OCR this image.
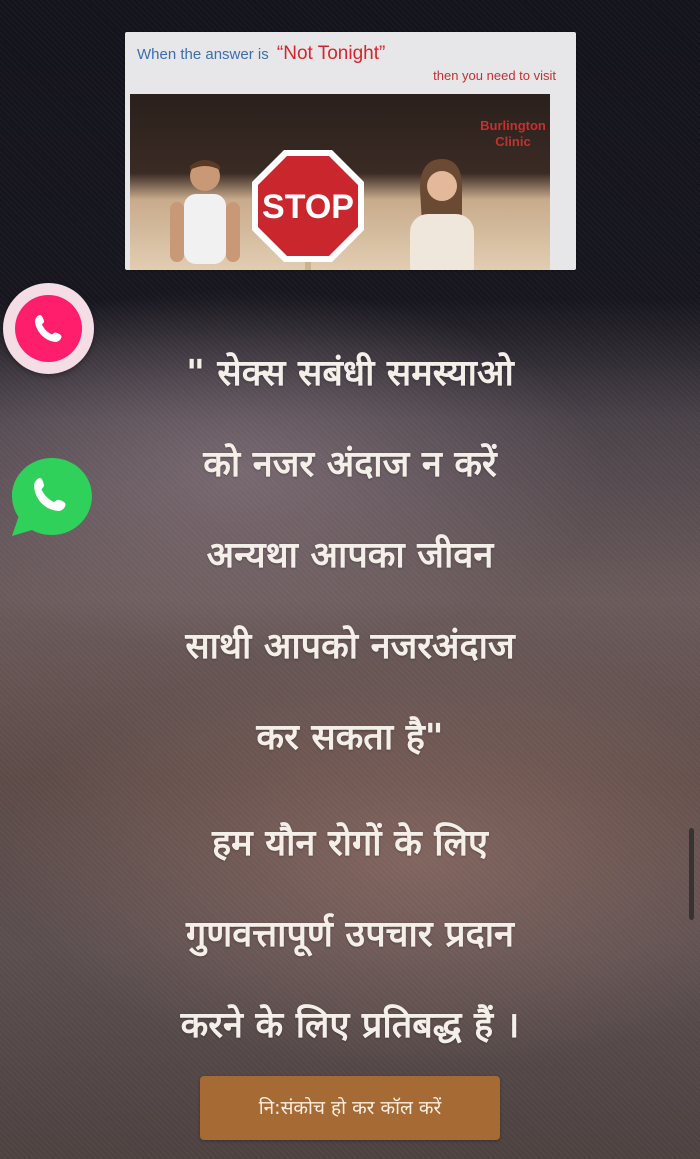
When the answer is “Not Tonight”
then you need to visit
STOP
Burlington
Clinic
" सेक्स सबंधी समस्याओ
को नजर अंदाज न करें
अन्यथा आपका जीवन
साथी आपको नजरअंदाज
कर सकता है"
हम यौन रोगों के लिए
गुणवत्तापूर्ण उपचार प्रदान
करने के लिए प्रतिबद्ध हैं ।
नि:संकोच हो कर कॉल करें
